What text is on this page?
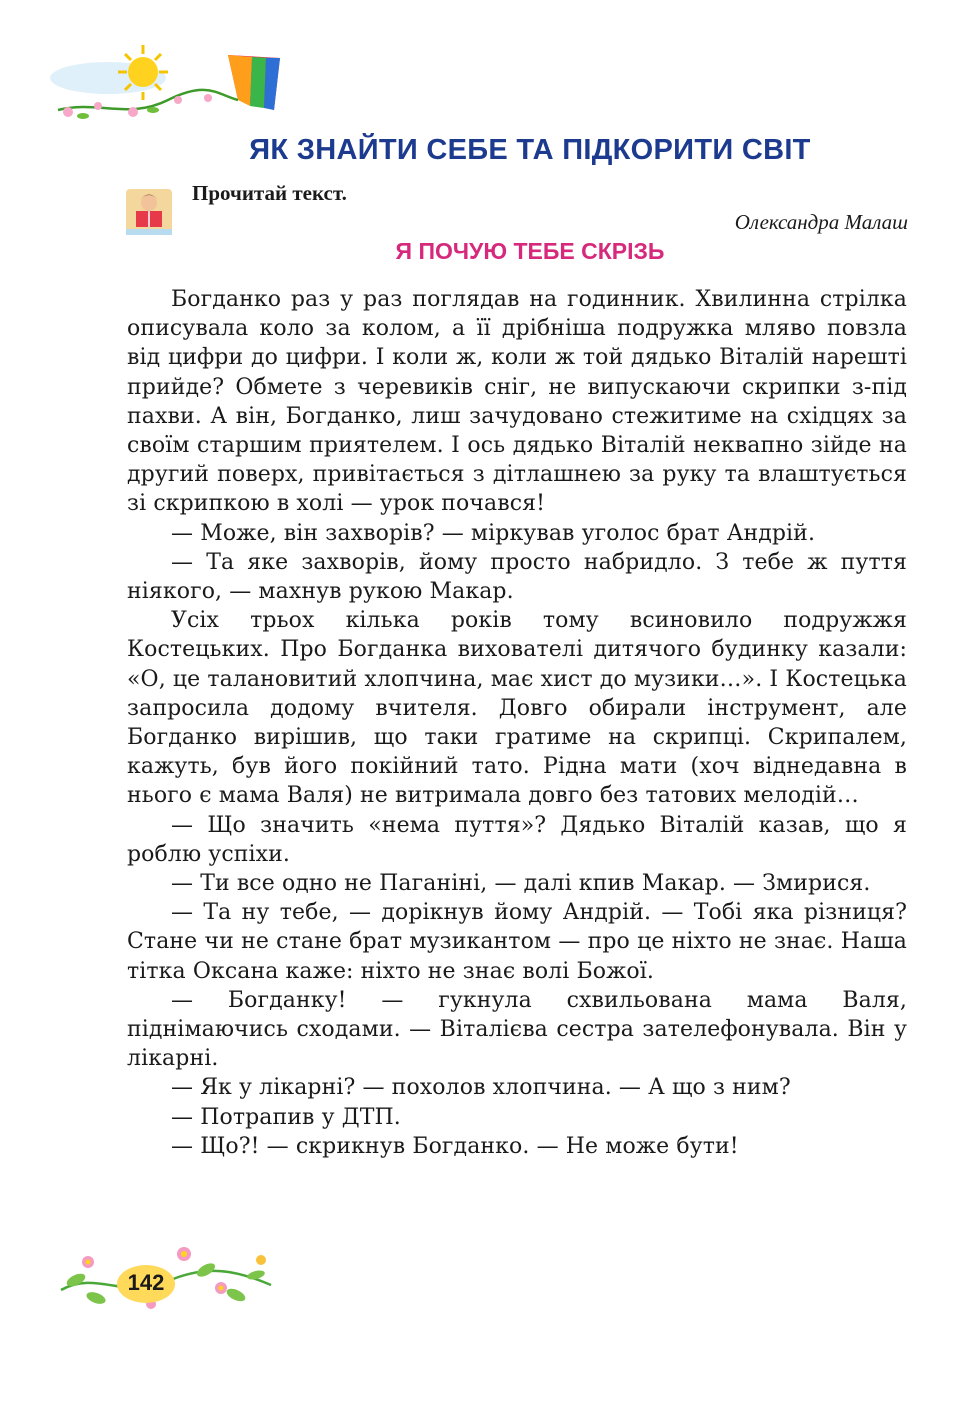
ЯК ЗНАЙТИ СЕБЕ ТА ПІДКОРИТИ СВІТ
Прочитай текст.
Олександра Малаш
Я ПОЧУЮ ТЕБЕ СКРІЗЬ

Богданко раз у раз поглядав на годинник. Хвилинна стрілка описувала коло за колом, а її дрібніша подружка мляво повзла від цифри до цифри. І коли ж, коли ж той дядько Віталій нарешті прийде? Обмете з черевиків сніг, не випускаючи скрипки з-під пахви. А він, Богданко, лиш зачудовано стежитиме на східцях за своїм старшим приятелем. І ось дядько Віталій неквапно зійде на другий поверх, привітається з дітлашнею за руку та влаштується зі скрипкою в холі — урок почався!

— Може, він захворів? — міркував уголос брат Андрій.

— Та яке захворів, йому просто набридло. З тебе ж пуття ніякого, — махнув рукою Макар.

Усіх трьох кілька років тому всиновило подружжя Костецьких. Про Богданка вихователі дитячого будинку казали: «О, це талановитий хлопчина, має хист до музики…». І Костецька запросила додому вчителя. Довго обирали інструмент, але Богданко вирішив, що таки гратиме на скрипці. Скрипалем, кажуть, був його покійний тато. Рідна мати (хоч віднедавна в нього є мама Валя) не витримала довго без татових мелодій…

— Що значить «нема пуття»? Дядько Віталій казав, що я роблю успіхи.

— Ти все одно не Паганіні, — далі кпив Макар. — Змирися.

— Та ну тебе, — дорікнув йому Андрій. — Тобі яка різниця? Стане чи не стане брат музикантом — про це ніхто не знає. Наша тітка Оксана каже: ніхто не знає волі Божої.

— Богданку! — гукнула схвильована мама Валя, піднімаючись сходами. — Віталієва сестра зателефонувала. Він у лікарні.

— Як у лікарні? — похолов хлопчина. — А що з ним?

— Потрапив у ДТП.

— Що?! — скрикнув Богданко. — Не може бути!

142
